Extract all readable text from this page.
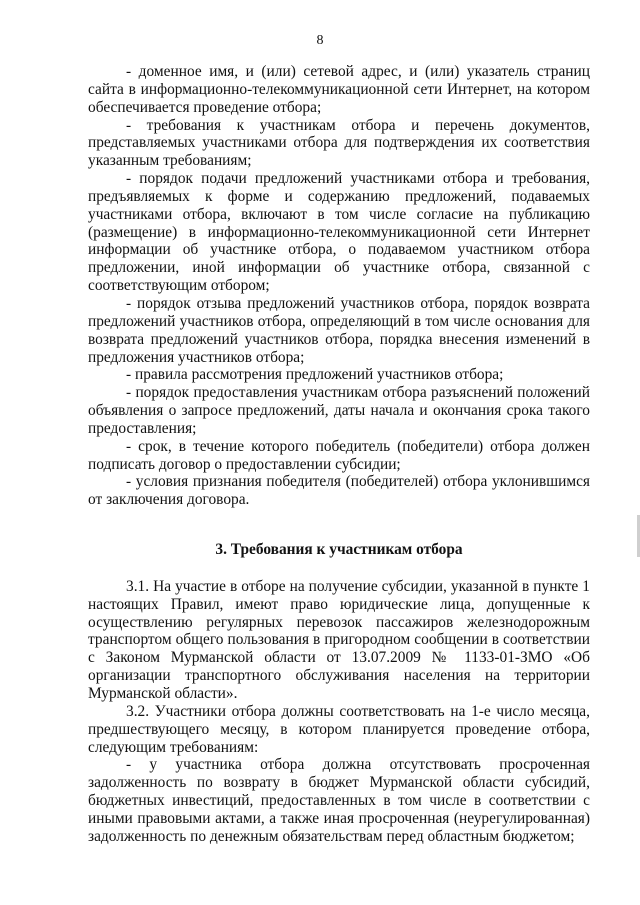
8

- доменное имя, и (или) сетевой адрес, и (или) указатель страниц сайта в информационно-телекоммуникационной сети Интернет, на котором обеспечивается проведение отбора;

- требования к участникам отбора и перечень документов, представляемых участниками отбора для подтверждения их соответствия указанным требованиям;

- порядок подачи предложений участниками отбора и требования, предъявляемых к форме и содержанию предложений, подаваемых участниками отбора, включают в том числе согласие на публикацию (размещение) в информационно-телекоммуникационной сети Интернет информации об участнике отбора, о подаваемом участником отбора предложении, иной информации об участнике отбора, связанной с соответствующим отбором;

- порядок отзыва предложений участников отбора, порядок возврата предложений участников отбора, определяющий в том числе основания для возврата предложений участников отбора, порядка внесения изменений в предложения участников отбора;

- правила рассмотрения предложений участников отбора;

- порядок предоставления участникам отбора разъяснений положений объявления о запросе предложений, даты начала и окончания срока такого предоставления;

- срок, в течение которого победитель (победители) отбора должен подписать договор о предоставлении субсидии;

- условия признания победителя (победителей) отбора уклонившимся от заключения договора.

3. Требования к участникам отбора

3.1. На участие в отборе на получение субсидии, указанной в пункте 1 настоящих Правил, имеют право юридические лица, допущенные к осуществлению регулярных перевозок пассажиров железнодорожным транспортом общего пользования в пригородном сообщении в соответствии с Законом Мурманской области от 13.07.2009 № 1133-01-ЗМО «Об организации транспортного обслуживания населения на территории Мурманской области».

3.2. Участники отбора должны соответствовать на 1-е число месяца, предшествующего месяцу, в котором планируется проведение отбора, следующим требованиям:

- у участника отбора должна отсутствовать просроченная задолженность по возврату в бюджет Мурманской области субсидий, бюджетных инвестиций, предоставленных в том числе в соответствии с иными правовыми актами, а также иная просроченная (неурегулированная) задолженность по денежным обязательствам перед областным бюджетом;
